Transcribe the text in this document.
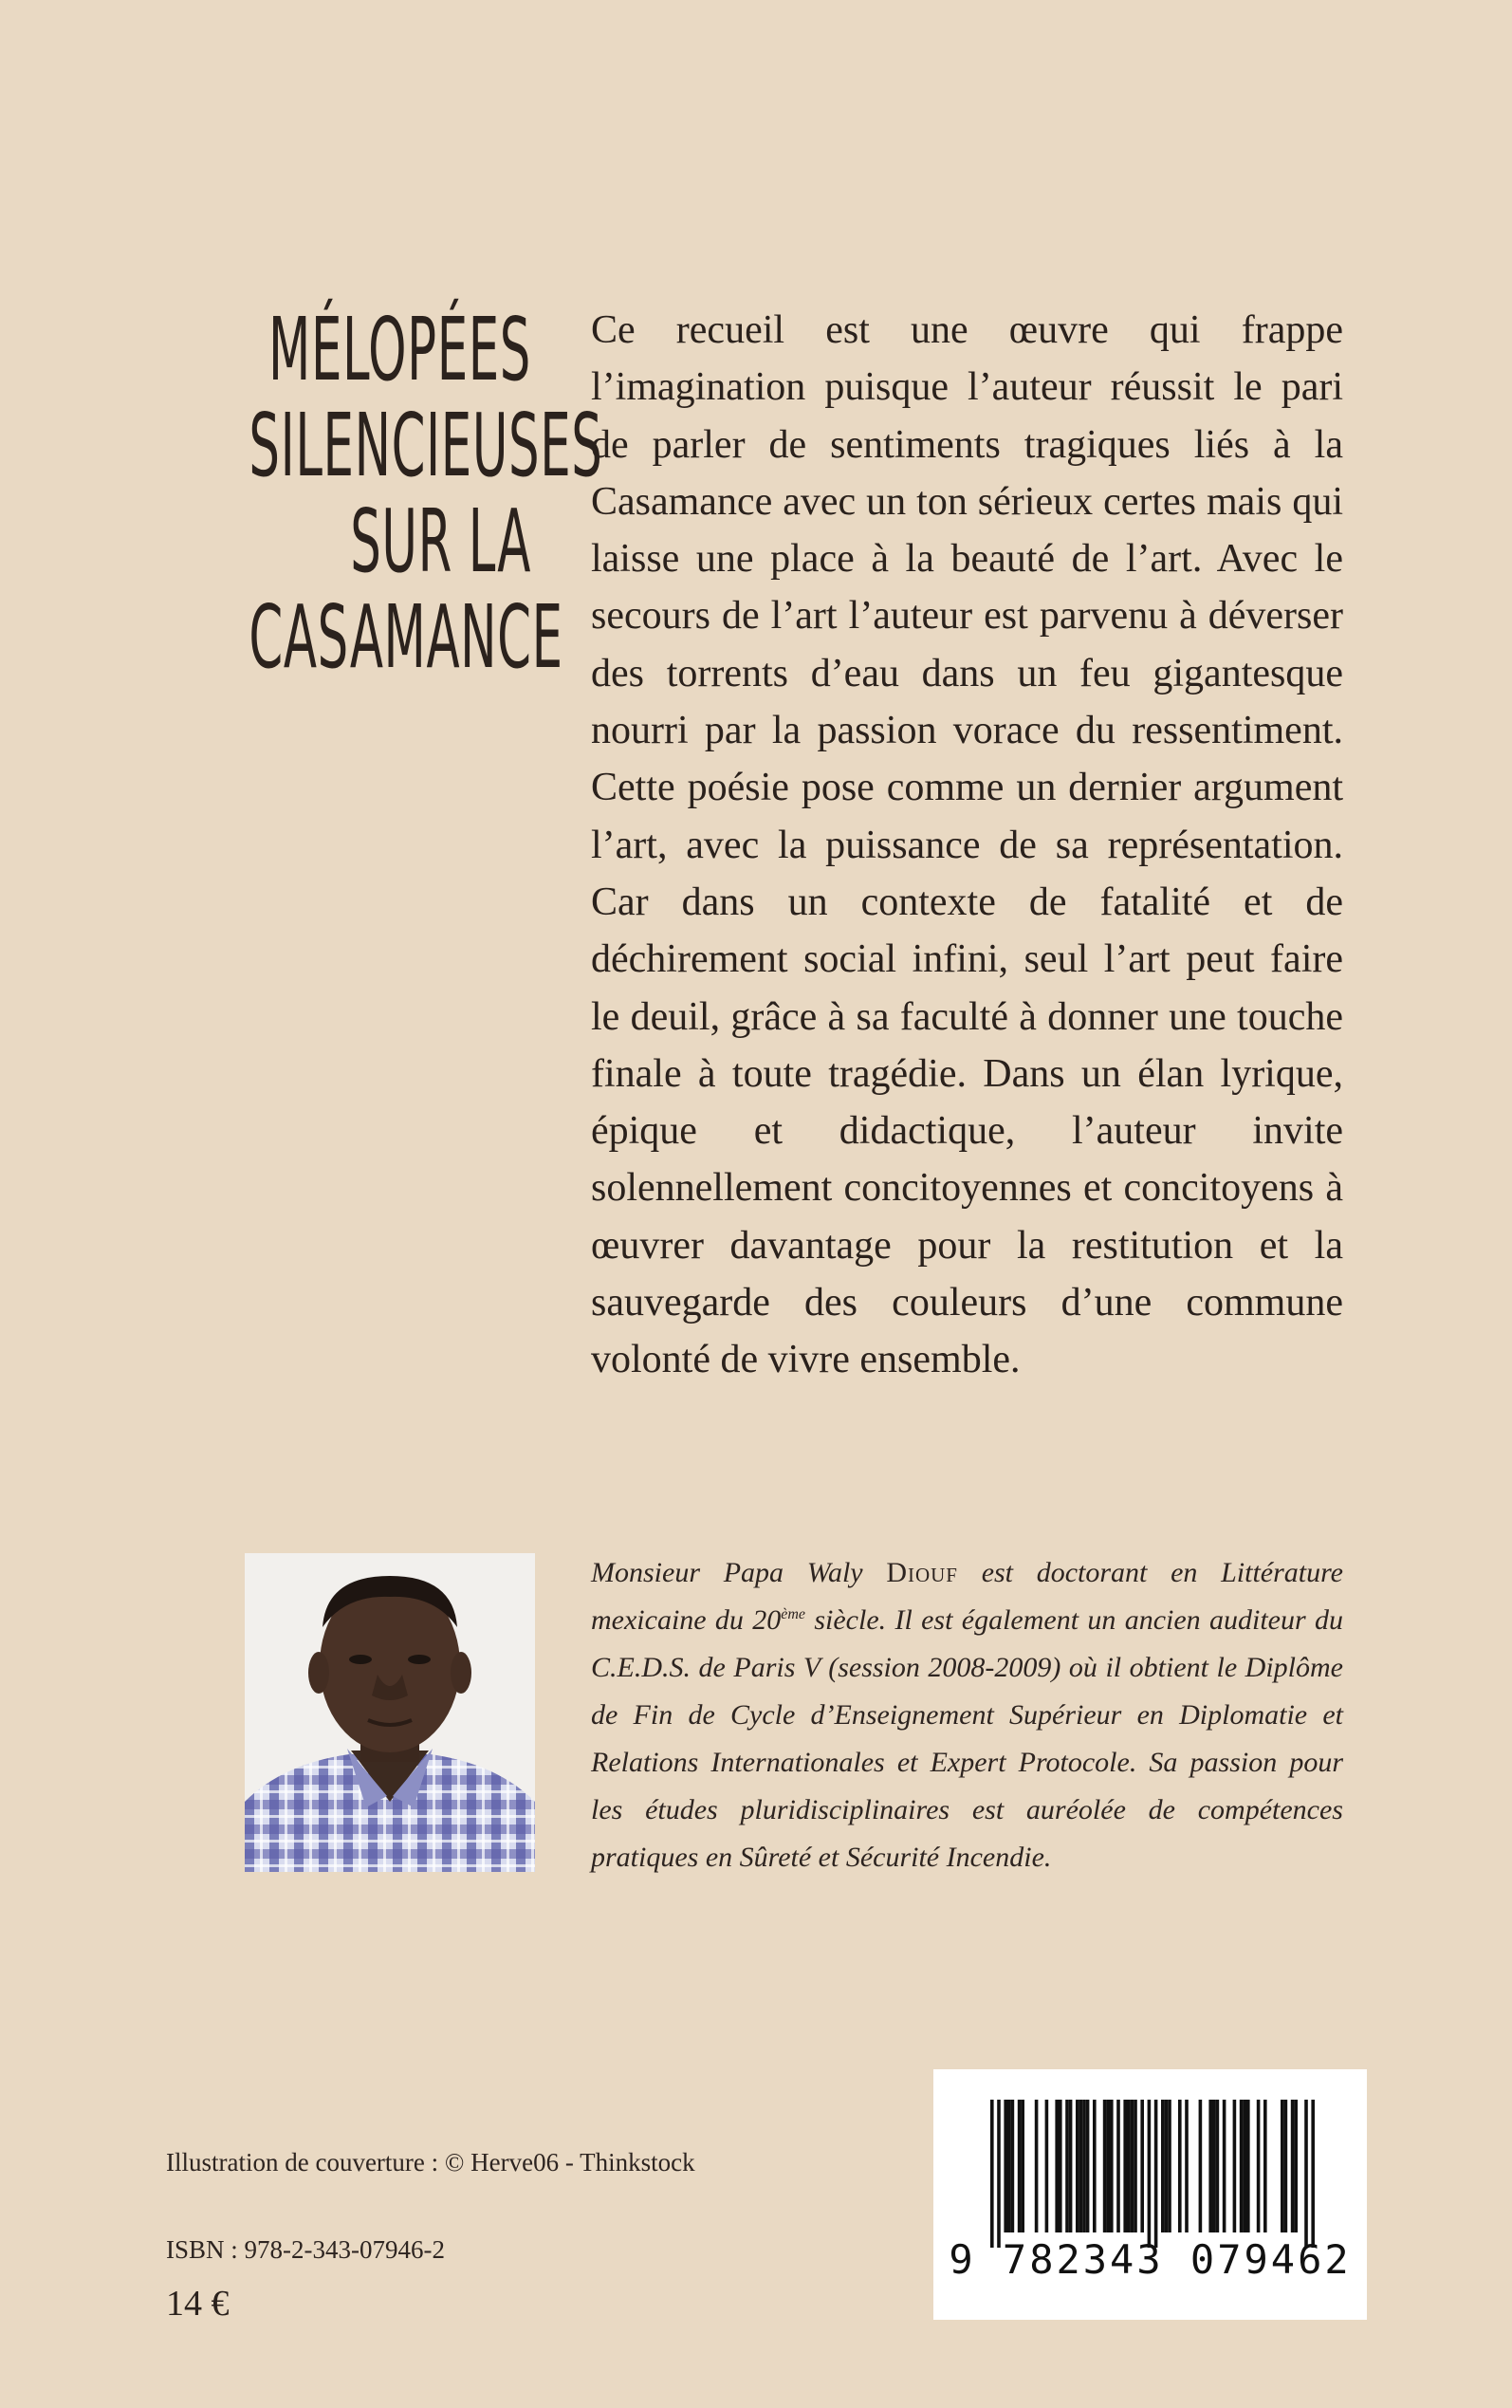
MÉLOPÉES
SILENCIEUSES
SUR LA
CASAMANCE

Ce recueil est une œuvre qui frappe l’imagination puisque l’auteur réussit le pari de parler de sentiments tragiques liés à la Casamance avec un ton sérieux certes mais qui laisse une place à la beauté de l’art. Avec le secours de l’art l’auteur est parvenu à déverser des torrents d’eau dans un feu gigantesque nourri par la passion vorace du ressentiment. Cette poésie pose comme un dernier argument l’art, avec la puissance de sa représentation. Car dans un contexte de fatalité et de déchirement social infini, seul l’art peut faire le deuil, grâce à sa faculté à donner une touche finale à toute tragédie. Dans un élan lyrique, épique et didactique, l’auteur invite solennellement concitoyennes et concitoyens à œuvrer davantage pour la restitution et la sauvegarde des couleurs d’une commune volonté de vivre ensemble.

Monsieur Papa Waly Diouf est doctorant en Littérature mexicaine du 20ème siècle. Il est également un ancien auditeur du C.E.D.S. de Paris V (session 2008-2009) où il obtient le Diplôme de Fin de Cycle d’Enseignement Supérieur en Diplomatie et Relations Internationales et Expert Protocole. Sa passion pour les études pluridisciplinaires est auréolée de compétences pratiques en Sûreté et Sécurité Incendie.
Illustration de couverture : © Herve06 - Thinkstock
ISBN : 978-2-343-07946-2
14 €
9 782343 079462
